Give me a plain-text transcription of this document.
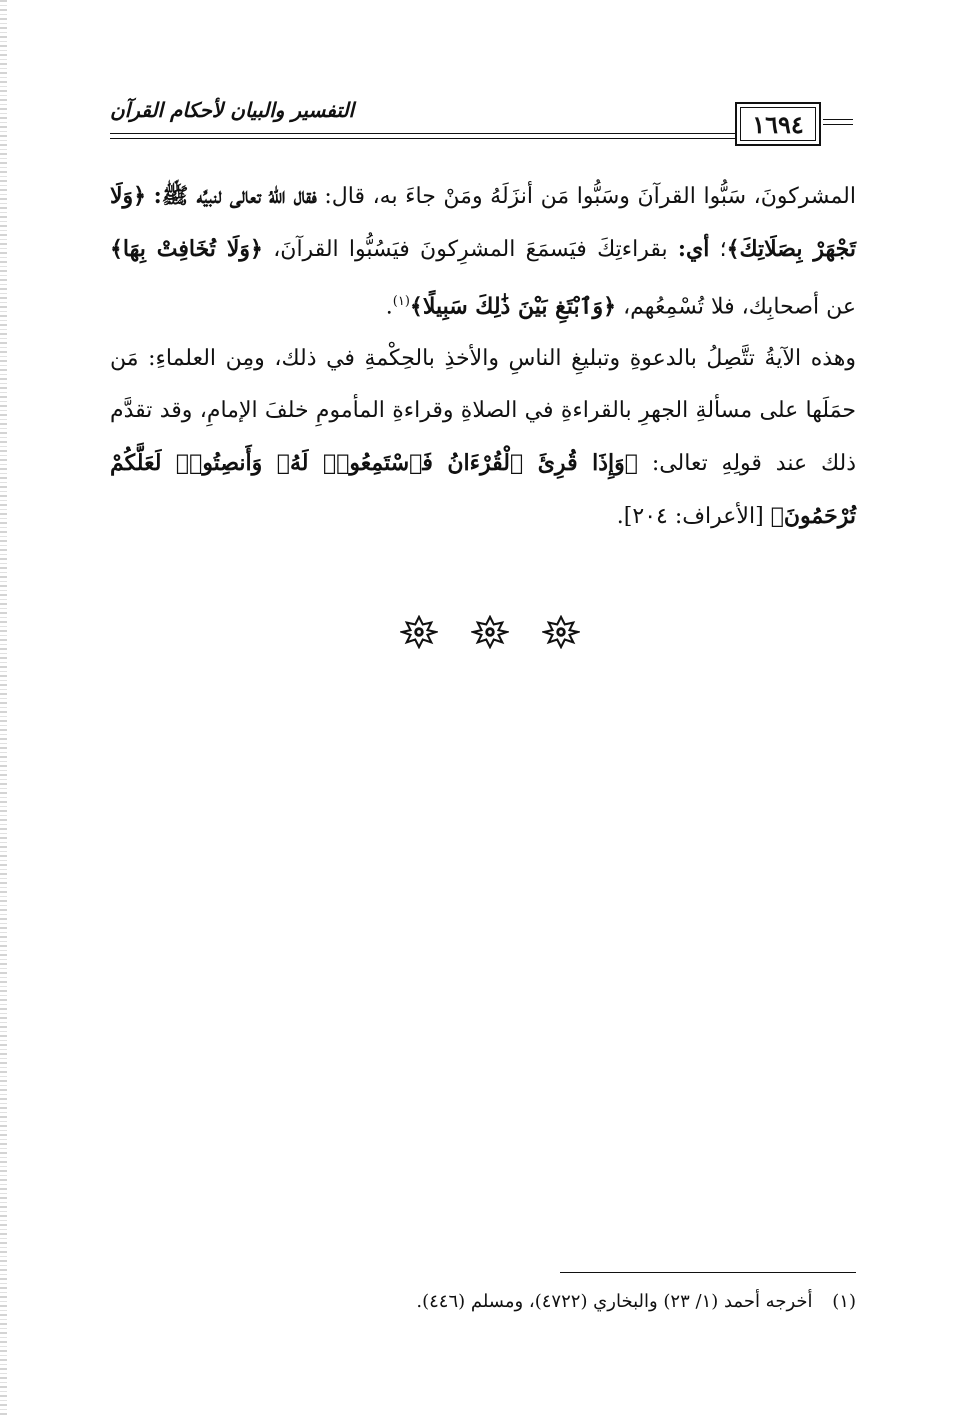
التفسير والبيان لأحكام القرآن	١٦٩٤

المشركونَ، سَبُّوا القرآنَ وسَبُّوا مَن أنزَلَهُ ومَنْ جاءَ به، قال: فقال اللّهُ تعالى لنبيِّه ﷺ: ﴿وَلَا تَجْهَرْ بِصَلَاتِكَ﴾؛ أي: بقراءتِكَ فيَسمَعَ المشرِكونَ فيَسُبُّوا القرآنَ، ﴿وَلَا تُخَافِتْ بِهَا﴾ عن أصحابِك، فلا تُسْمِعُهم، ﴿وَٱبْتَغِ بَيْنَ ذَٰلِكَ سَبِيلًا﴾$^{(١)}$.

وهذه الآيةُ تتَّصِلُ بالدعوةِ وتبليغِ الناسِ والأخذِ بالحِكْمةِ في ذلك، ومِن العلماءِ: مَن حمَلَها على مسألةِ الجهرِ بالقراءةِ في الصلاةِ وقراءةِ المأمومِ خلفَ الإمامِ، وقد تقدَّم ذلك عند قولِهِ تعالى: ﴿وَإِذَا قُرِئَ ٱلْقُرْءَانُ فَٱسْتَمِعُوا۟ لَهُۥ وَأَنصِتُوا۟ لَعَلَّكُمْ تُرْحَمُونَ﴾ [الأعراف: ٢٠٤].

(١) أخرجه أحمد (١/ ٢٣) والبخاري (٤٧٢٢)، ومسلم (٤٤٦).
